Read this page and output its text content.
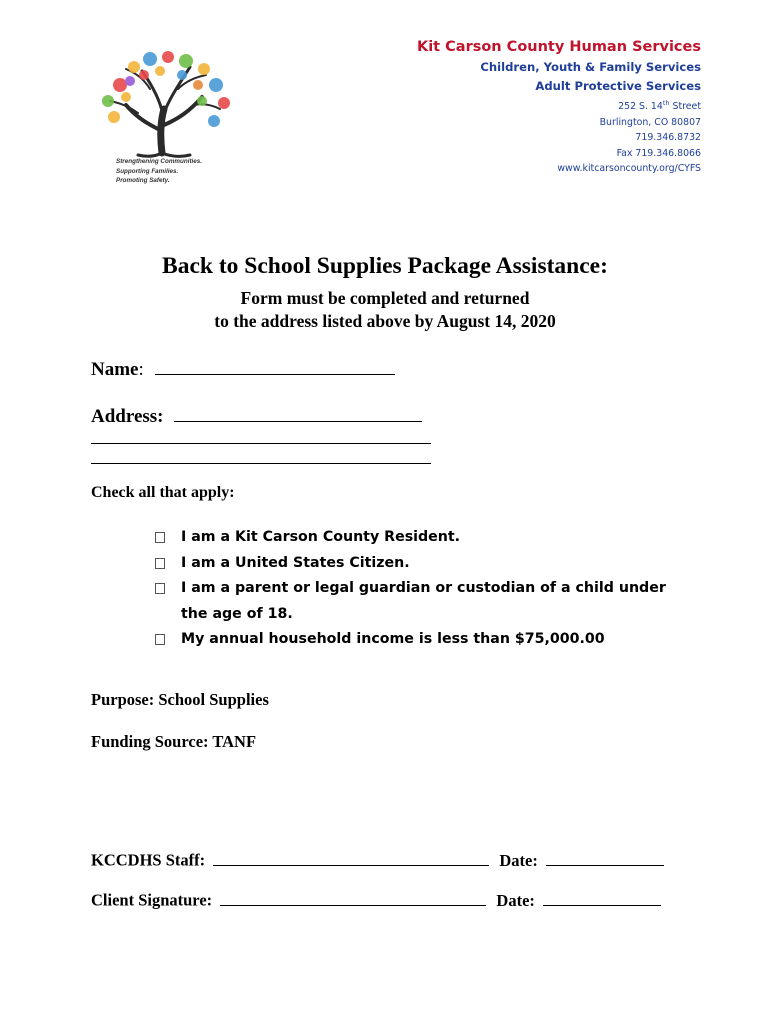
Strengthening Communities.
Supporting Families.
Promoting Safety.
Kit Carson County Human Services
Children, Youth & Family Services
Adult Protective Services
252 S. 14th Street
Burlington, CO 80807
719.346.8732
Fax 719.346.8066
www.kitcarsoncounty.org/CYFS
Back to School Supplies Package Assistance:
Form must be completed and returned
to the address listed above by August 14, 2020
Name:
Address:
Check all that apply:
I am a Kit Carson County Resident.
I am a United States Citizen.
I am a parent or legal guardian or custodian of a child under the age of 18.
My annual household income is less than $75,000.00
Purpose: School Supplies
Funding Source: TANF
KCCDHS Staff:	Date:
Client Signature:	Date:
